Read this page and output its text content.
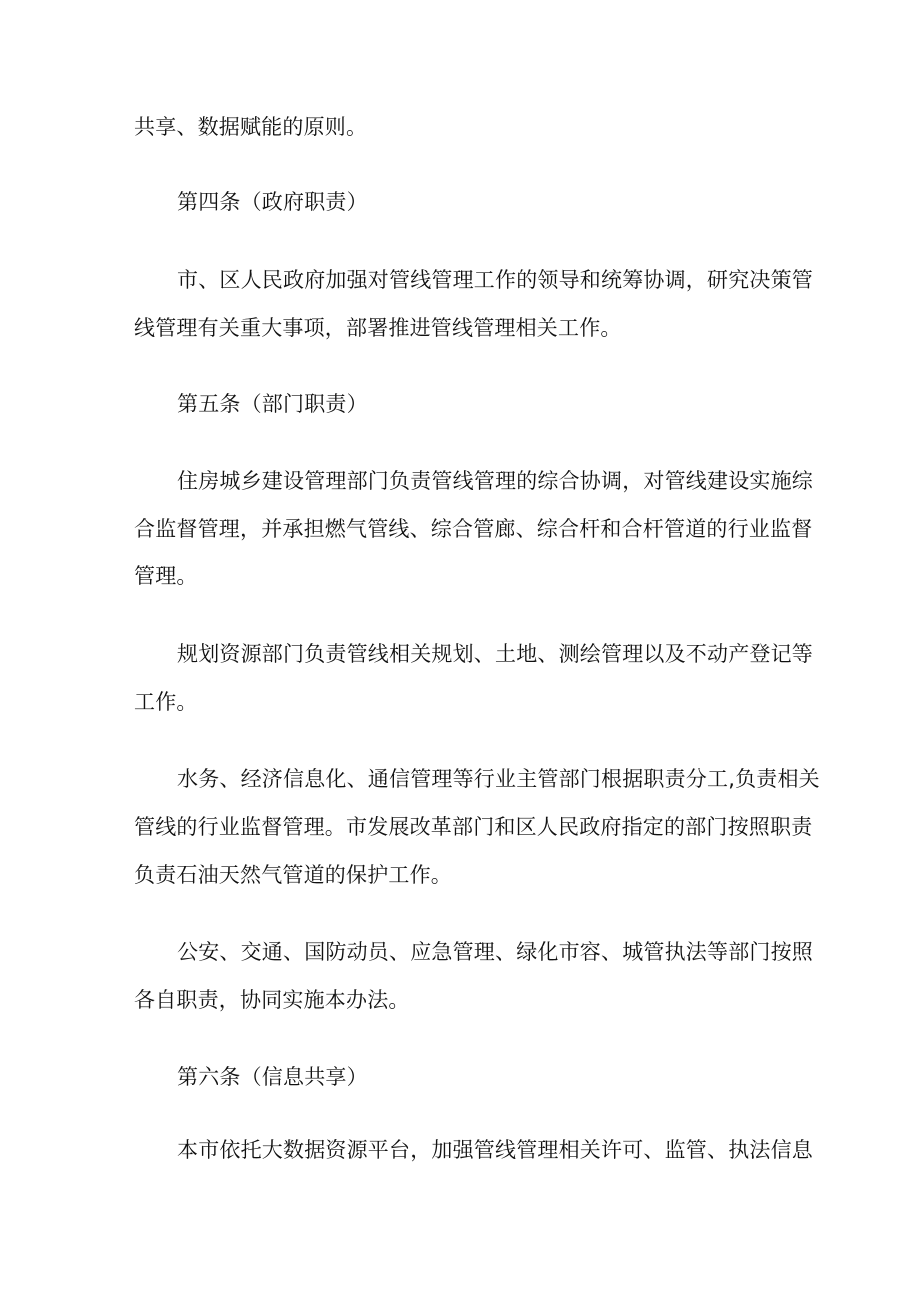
共享、数据赋能的原则。
第四条（政府职责）
市、区人民政府加强对管线管理工作的领导和统筹协调，研究决策管
线管理有关重大事项，部署推进管线管理相关工作。
第五条（部门职责）
住房城乡建设管理部门负责管线管理的综合协调，对管线建设实施综
合监督管理，并承担燃气管线、综合管廊、综合杆和合杆管道的行业监督
管理。
规划资源部门负责管线相关规划、土地、测绘管理以及不动产登记等
工作。
水务、经济信息化、通信管理等行业主管部门根据职责分工,负责相关
管线的行业监督管理。市发展改革部门和区人民政府指定的部门按照职责
负责石油天然气管道的保护工作。
公安、交通、国防动员、应急管理、绿化市容、城管执法等部门按照
各自职责，协同实施本办法。
第六条（信息共享）
本市依托大数据资源平台，加强管线管理相关许可、监管、执法信息
